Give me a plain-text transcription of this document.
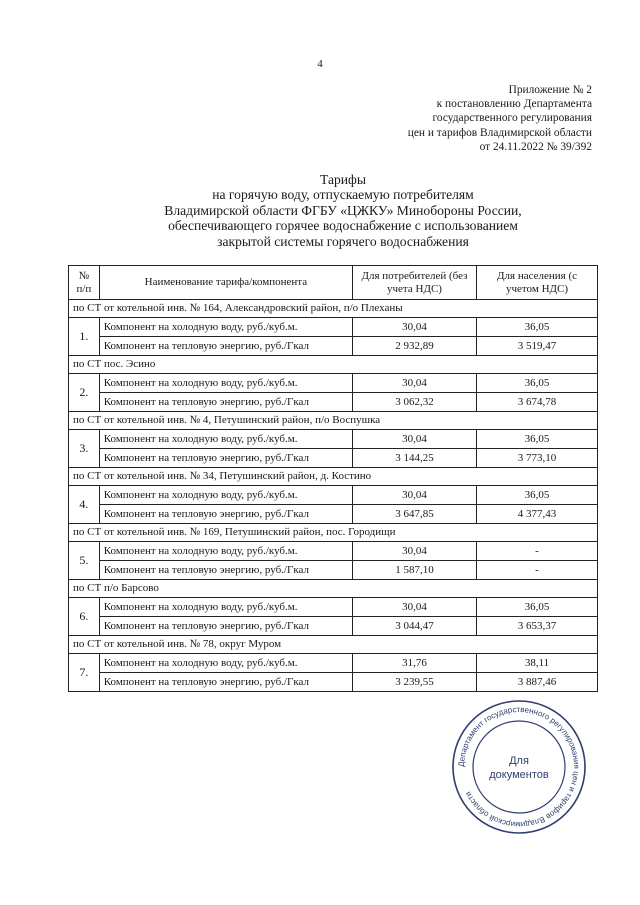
4
Приложение № 2
к постановлению Департамента
государственного регулирования
цен и тарифов Владимирской области
от 24.11.2022 № 39/392
Тарифы
на горячую воду, отпускаемую потребителям
Владимирской области ФГБУ «ЦЖКУ» Минобороны России,
обеспечивающего горячее водоснабжение с использованием
закрытой системы горячего водоснабжения
№ п/п	Наименование тарифа/компонента	Для потребителей (без учета НДС)	Для населения (с учетом НДС)
по СТ от котельной инв. № 164, Александровский район, п/о Плеханы			
1.	Компонент на холодную воду, руб./куб.м.	30,04	36,05
	Компонент на тепловую энергию, руб./Гкал	2 932,89	3 519,47
по СТ пос. Эсино			
2.	Компонент на холодную воду, руб./куб.м.	30,04	36,05
	Компонент на тепловую энергию, руб./Гкал	3 062,32	3 674,78
по СТ от котельной инв. № 4, Петушинский район, п/о Воспушка			
3.	Компонент на холодную воду, руб./куб.м.	30,04	36,05
	Компонент на тепловую энергию, руб./Гкал	3 144,25	3 773,10
по СТ от котельной инв. № 34, Петушинский район, д. Костино			
4.	Компонент на холодную воду, руб./куб.м.	30,04	36,05
	Компонент на тепловую энергию, руб./Гкал	3 647,85	4 377,43
по СТ от котельной инв. № 169, Петушинский район, пос. Городищи			
5.	Компонент на холодную воду, руб./куб.м.	30,04	-
	Компонент на тепловую энергию, руб./Гкал	1 587,10	-
по СТ п/о Барсово			
6.	Компонент на холодную воду, руб./куб.м.	30,04	36,05
	Компонент на тепловую энергию, руб./Гкал	3 044,47	3 653,37
по СТ от котельной инв. № 78, округ Муром			
7.	Компонент на холодную воду, руб./куб.м.	31,76	38,11
	Компонент на тепловую энергию, руб./Гкал	3 239,55	3 887,46
Департамент государственного регулирования цен и тарифов Владимирской области
Для
документов
